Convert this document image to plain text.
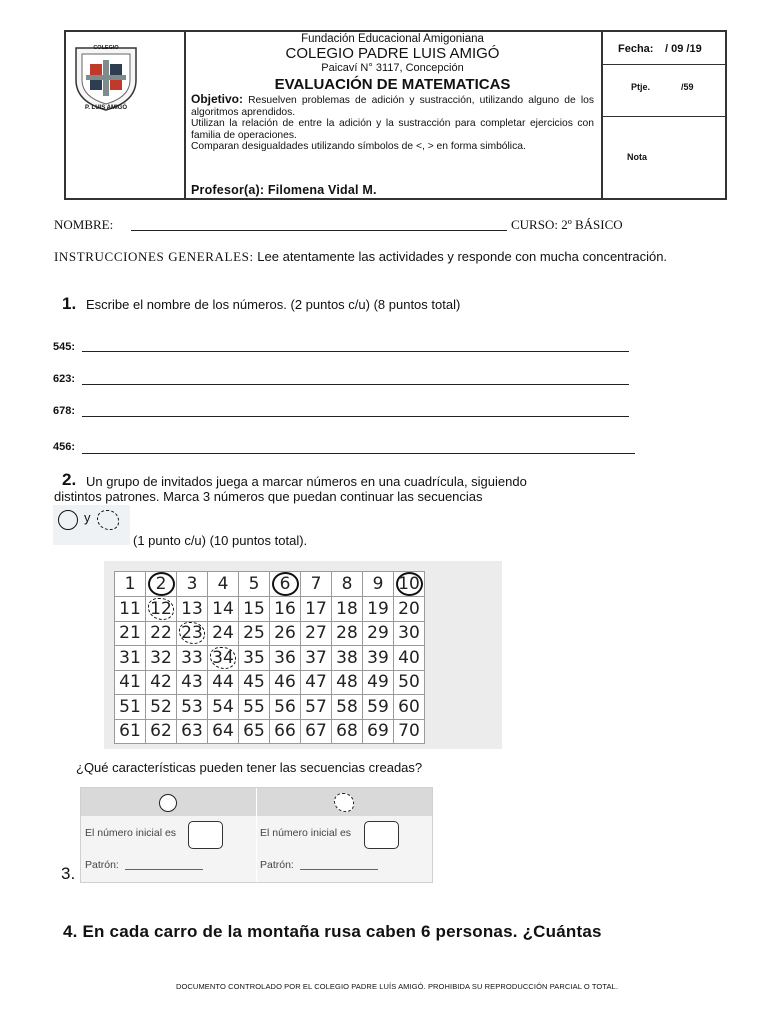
COLEGIO
P. LUIS AMIGÓ
Fundación Educacional Amigoniana
COLEGIO PADRE LUIS AMIGÓ
Paicaví N° 3117, Concepción
EVALUACIÓN DE MATEMATICAS
Objetivo: Resuelven problemas de adición y sustracción, utilizando alguno de los algoritmos aprendidos.
Utilizan la relación de entre la adición y la sustracción para completar ejercicios con familia de operaciones.
Comparan desigualdades utilizando símbolos de <, > en forma simbólica.
Profesor(a): Filomena Vidal M.
Fecha: / 09 /19
Ptje.	/59
Nota
NOMBRE:	CURSO: 2º BÁSICO
INSTRUCCIONES GENERALES: Lee atentamente las actividades y responde con mucha concentración.
1. Escribe el nombre de los números. (2 puntos c/u) (8 puntos total)
545:
623:
678:
456:
2. Un grupo de invitados juega a marcar números en una cuadrícula, siguiendo
distintos patrones. Marca 3 números que puedan continuar las secuencias
y
(1 punto c/u) (10 puntos total).
1	2	3	4	5	6	7	8	9	10
11	12	13	14	15	16	17	18	19	20
21	22	23	24	25	26	27	28	29	30
31	32	33	34	35	36	37	38	39	40
41	42	43	44	45	46	47	48	49	50
51	52	53	54	55	56	57	58	59	60
61	62	63	64	65	66	67	68	69	70
¿Qué características pueden tener las secuencias creadas?
El número inicial es
Patrón:
El número inicial es
Patrón:
3.
4. En cada carro de la montaña rusa caben 6 personas. ¿Cuántas
DOCUMENTO CONTROLADO POR EL COLEGIO PADRE LUÍS AMIGÓ. PROHIBIDA SU REPRODUCCIÓN PARCIAL O TOTAL.
